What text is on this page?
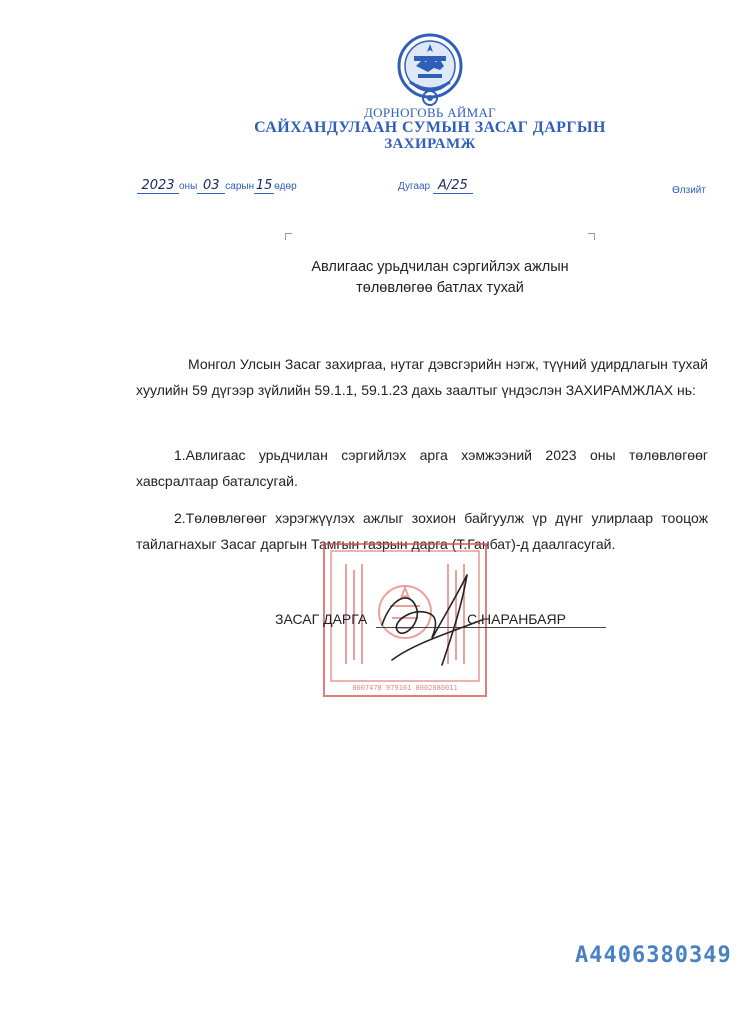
ДОРНОГОВЬ АЙМАГ
САЙХАНДУЛААН СУМЫН ЗАСАГ ДАРГЫН
ЗАХИРАМЖ
2023 оны 03 сарын 15 өдөр	Дугаар A/25	Өлзийт
Авлигаас урьдчилан сэргийлэх ажлын
төлөвлөгөө батлах тухай
Монгол Улсын Засаг захиргаа, нутаг дэвсгэрийн нэгж, түүний удирдлагын тухай хуулийн 59 дүгээр зүйлийн 59.1.1, 59.1.23 дахь заалтыг үндэслэн ЗАХИРАМЖЛАХ нь:
1.Авлигаас урьдчилан сэргийлэх арга хэмжээний 2023 оны төлөвлөгөөг хавсралтаар баталсугай.
2.Төлөвлөгөөг хэрэгжүүлэх ажлыг зохион байгуулж үр дүнг улирлаар тооцож тайлагнахыг Засаг даргын Тамгын газрын дарга (Т.Ганбат)-д даалгасугай.
0007478 979101 8002080011
ЗАСАГ ДАРГА	С.НАРАНБАЯР
A4406380349
